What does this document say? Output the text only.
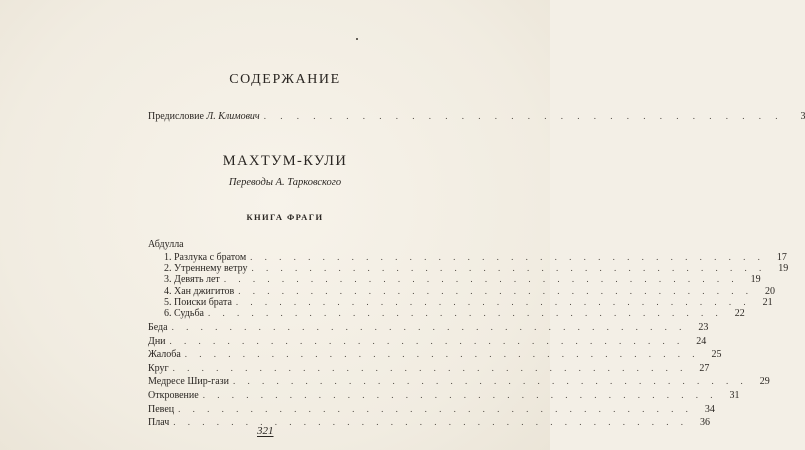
СОДЕРЖАНИЕ
Предисловие Л. Климович . . . . . . . . . . . . . . . . . . . . . . . . . . . . . . . .	3
МАХТУМ-КУЛИ
Переводы А. Тарковского
КНИГА ФРАГИ
Абдулла
1. Разлука с братом . . . . . . . . . . . . . . . . . . . . . . . . . . . . . . . . . . . .	17
2. Утреннему ветру . . . . . . . . . . . . . . . . . . . . . . . . . . . . . . . . . . . .	19
3. Девять лет . . . . . . . . . . . . . . . . . . . . . . . . . . . . . . . . . . . .	19
4. Хан джигитов . . . . . . . . . . . . . . . . . . . . . . . . . . . . . . . . . . . .	20
5. Поиски брата . . . . . . . . . . . . . . . . . . . . . . . . . . . . . . . . . . . .	21
6. Судьба . . . . . . . . . . . . . . . . . . . . . . . . . . . . . . . . . . . .	22
Беда . . . . . . . . . . . . . . . . . . . . . . . . . . . . . . . . . . . .	23
Дни . . . . . . . . . . . . . . . . . . . . . . . . . . . . . . . . . . . .	24
Жалоба . . . . . . . . . . . . . . . . . . . . . . . . . . . . . . . . . . . .	25
Круг . . . . . . . . . . . . . . . . . . . . . . . . . . . . . . . . . . . .	27
Медресе Шир-гази . . . . . . . . . . . . . . . . . . . . . . . . . . . . . . . . . . . .	29
Откровение . . . . . . . . . . . . . . . . . . . . . . . . . . . . . . . . . . . .	31
Певец . . . . . . . . . . . . . . . . . . . . . . . . . . . . . . . . . . . .	34
Плач . . . . . . . . . . . . . . . . . . . . . . . . . . . . . . . . . . . .	36
321
